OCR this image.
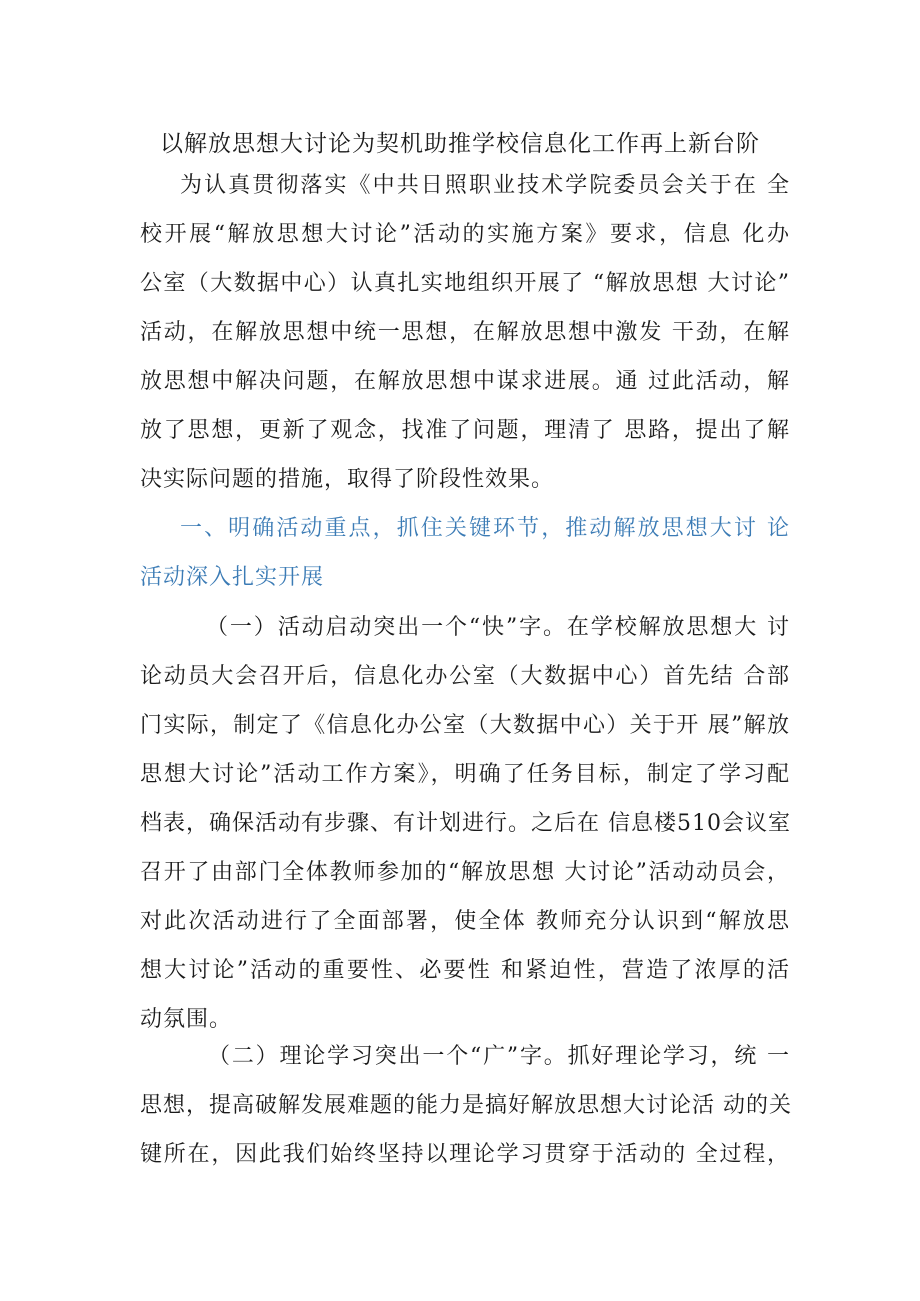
以解放思想大讨论为契机助推学校信息化工作再上新台阶
为认真贯彻落实《中共日照职业技术学院委员会关于在 全
校开展“解放思想大讨论”活动的实施方案》要求，信息 化办
公室（大数据中心）认真扎实地组织开展了 “解放思想 大讨论”
活动，在解放思想中统一思想，在解放思想中激发 干劲，在解
放思想中解决问题，在解放思想中谋求进展。通 过此活动，解
放了思想，更新了观念，找准了问题，理清了 思路，提出了解
决实际问题的措施，取得了阶段性效果。
一、明确活动重点，抓住关键环节，推动解放思想大讨 论
活动深入扎实开展
（一）活动启动突出一个“快”字。在学校解放思想大 讨
论动员大会召开后，信息化办公室（大数据中心）首先结 合部
门实际，制定了《信息化办公室（大数据中心）关于开 展”解放
思想大讨论”活动工作方案》，明确了任务目标，制定了学习配
档表，确保活动有步骤、有计划进行。之后在 信息楼510会议室
召开了由部门全体教师参加的“解放思想 大讨论”活动动员会，
对此次活动进行了全面部署，使全体 教师充分认识到“解放思
想大讨论”活动的重要性、必要性 和紧迫性，营造了浓厚的活
动氛围。
（二）理论学习突出一个“广”字。抓好理论学习，统 一
思想，提高破解发展难题的能力是搞好解放思想大讨论活 动的关
键所在，因此我们始终坚持以理论学习贯穿于活动的 全过程，
